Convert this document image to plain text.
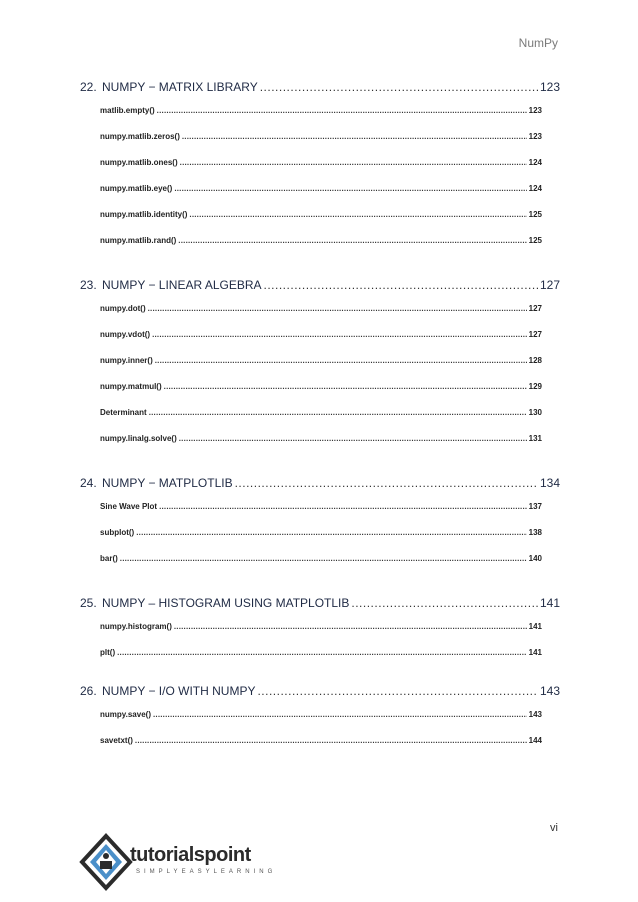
NumPy
22. NUMPY − MATRIX LIBRARY .....	123
matlib.empty() .....	123
numpy.matlib.zeros() .....	123
numpy.matlib.ones() .....	124
numpy.matlib.eye() .....	124
numpy.matlib.identity() .....	125
numpy.matlib.rand() .....	125
23. NUMPY − LINEAR ALGEBRA .....	127
numpy.dot() .....	127
numpy.vdot() .....	127
numpy.inner() .....	128
numpy.matmul() .....	129
Determinant .....	130
numpy.linalg.solve() .....	131
24. NUMPY − MATPLOTLIB .....	134
Sine Wave Plot .....	137
subplot() .....	138
bar() .....	140
25. NUMPY – HISTOGRAM USING MATPLOTLIB .....	141
numpy.histogram() .....	141
plt() .....	141
26. NUMPY − I/O WITH NUMPY .....	143
numpy.save() .....	143
savetxt() .....	144
vi
tutorialspoint
SIMPLYEASYLEARNING
